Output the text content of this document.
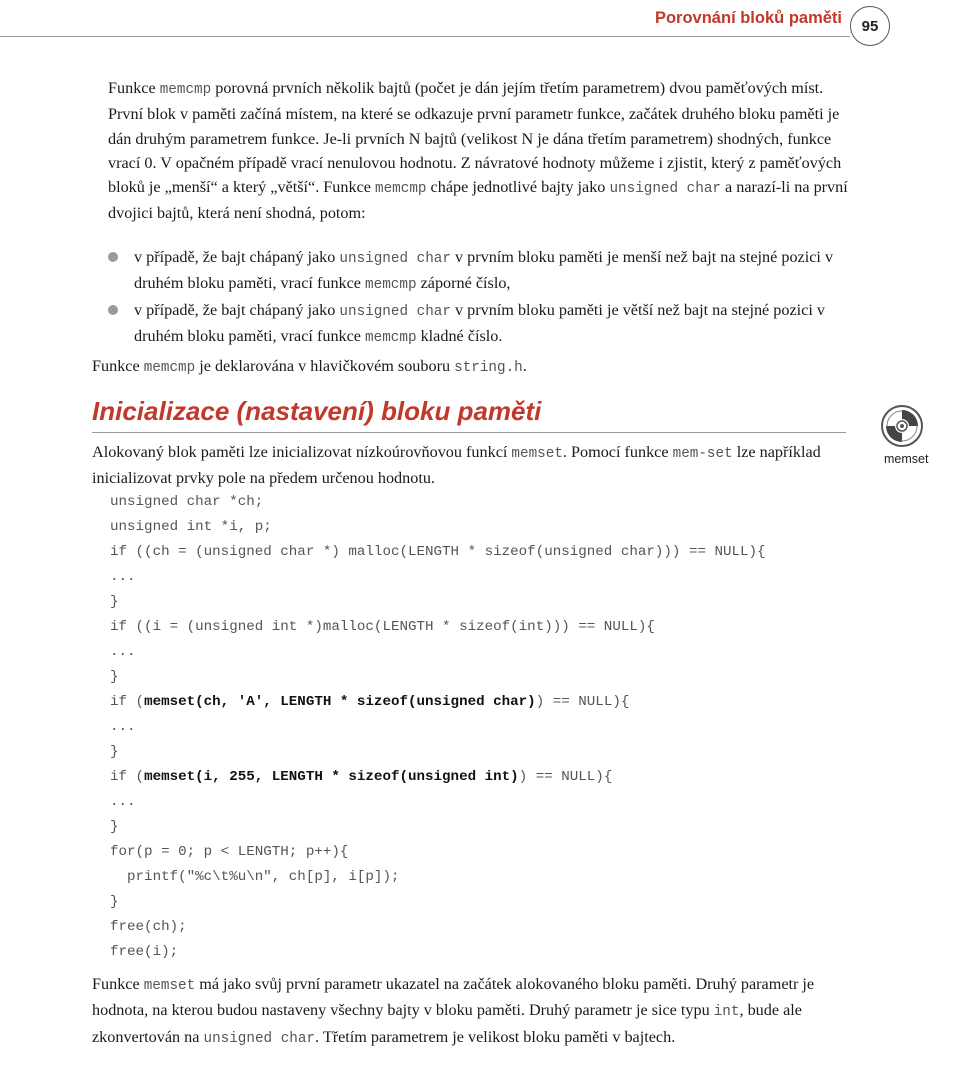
Porovnání bloků paměti	95

Funkce memcmp porovná prvních několik bajtů (počet je dán jejím třetím parametrem) dvou paměťových míst. První blok v paměti začíná místem, na které se odkazuje první parametr funkce, začátek druhého bloku paměti je dán druhým parametrem funkce. Je-li prvních N bajtů (velikost N je dána třetím parametrem) shodných, funkce vrací 0. V opačném případě vrací nenulovou hodnotu. Z návratové hodnoty můžeme i zjistit, který z paměťových bloků je „menší“ a který „větší“. Funkce memcmp chápe jednotlivé bajty jako unsigned char a narazí-li na první dvojici bajtů, která není shodná, potom:

v případě, že bajt chápaný jako unsigned char v prvním bloku paměti je menší než bajt na stejné pozici v druhém bloku paměti, vrací funkce memcmp záporné číslo,
v případě, že bajt chápaný jako unsigned char v prvním bloku paměti je větší než bajt na stejné pozici v druhém bloku paměti, vrací funkce memcmp kladné číslo.

Funkce memcmp je deklarována v hlavičkovém souboru string.h.

Inicializace (nastavení) bloku paměti
memset

Alokovaný blok paměti lze inicializovat nízkoúrovňovou funkcí memset. Pomocí funkce mem-set lze například inicializovat prvky pole na předem určenou hodnotu.

unsigned char *ch;
unsigned int *i, p;
if ((ch = (unsigned char *) malloc(LENGTH * sizeof(unsigned char))) == NULL){
...
}
if ((i = (unsigned int *)malloc(LENGTH * sizeof(int))) == NULL){
...
}
if (memset(ch, 'A', LENGTH * sizeof(unsigned char)) == NULL){
...
}
if (memset(i, 255, LENGTH * sizeof(unsigned int)) == NULL){
...
}
for(p = 0; p < LENGTH; p++){
printf("%c\t%u\n", ch[p], i[p]);
}
free(ch);
free(i);

Funkce memset má jako svůj první parametr ukazatel na začátek alokovaného bloku paměti. Druhý parametr je hodnota, na kterou budou nastaveny všechny bajty v bloku paměti. Druhý parametr je sice typu int, bude ale zkonvertován na unsigned char. Třetím parametrem je velikost bloku paměti v bajtech.
